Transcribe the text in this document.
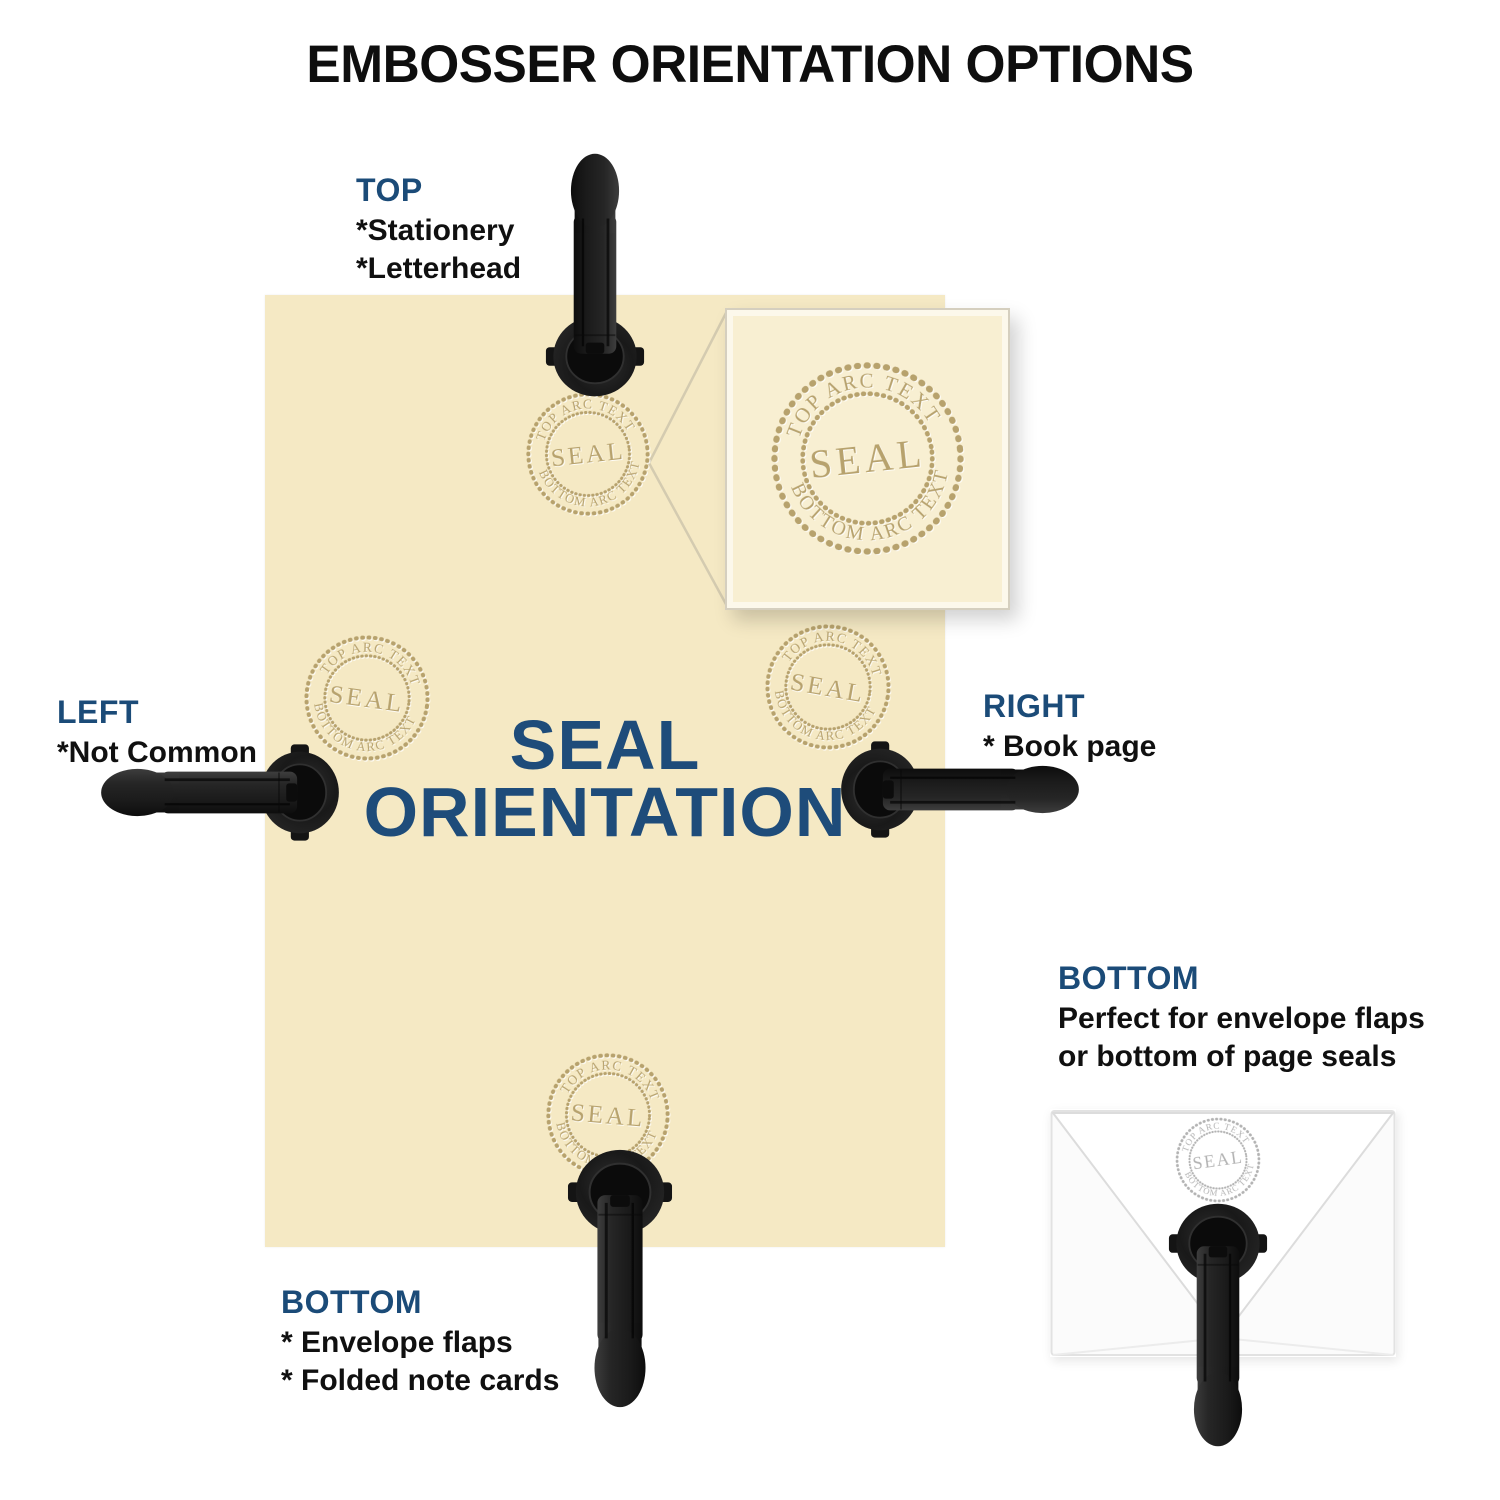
EMBOSSER ORIENTATION OPTIONS
TOP

*Stationery

*Letterhead

LEFT

*Not Common

RIGHT

* Book page

BOTTOM

* Envelope flaps

* Folded note cards

BOTTOM

Perfect for envelope flaps

or bottom of page seals

SEAL
ORIENTATION
